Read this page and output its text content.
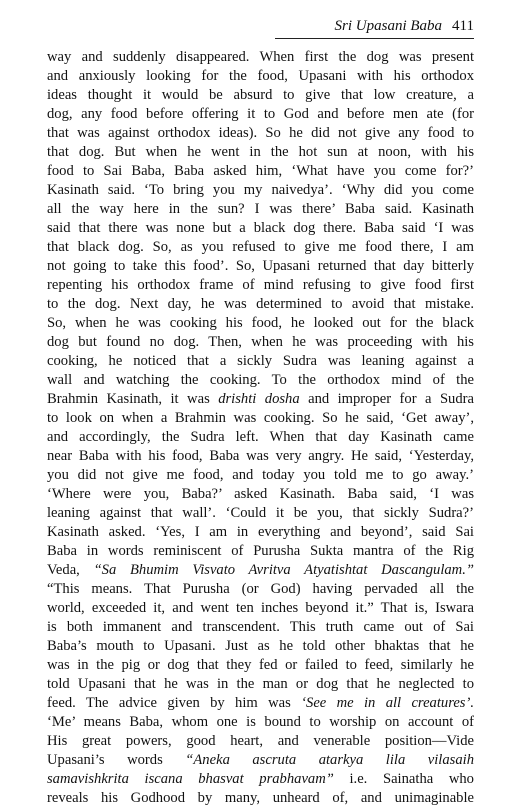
Sri Upasani Baba 411
way and suddenly disappeared. When first the dog was present
and anxiously looking for the food, Upasani with his orthodox
ideas thought it would be absurd to give that low creature, a
dog, any food before offering it to God and before men ate (for
that was against orthodox ideas). So he did not give any food to
that dog. But when he went in the hot sun at noon, with his
food to Sai Baba, Baba asked him, ‘What have you come for?’
Kasinath said. ‘To bring you my naivedya’. ‘Why did you come
all the way here in the sun? I was there’ Baba said. Kasinath
said that there was none but a black dog there. Baba said ‘I was
that black dog. So, as you refused to give me food there, I am
not going to take this food’. So, Upasani returned that day bitterly
repenting his orthodox frame of mind refusing to give food first
to the dog. Next day, he was determined to avoid that mistake.
So, when he was cooking his food, he looked out for the black
dog but found no dog. Then, when he was proceeding with his
cooking, he noticed that a sickly Sudra was leaning against a
wall and watching the cooking. To the orthodox mind of the
Brahmin Kasinath, it was drishti dosha and improper for a Sudra
to look on when a Brahmin was cooking. So he said, ‘Get away’,
and accordingly, the Sudra left. When that day Kasinath came
near Baba with his food, Baba was very angry. He said, ‘Yesterday,
you did not give me food, and today you told me to go away.’
‘Where were you, Baba?’ asked Kasinath. Baba said, ‘I was
leaning against that wall’. ‘Could it be you, that sickly Sudra?’
Kasinath asked. ‘Yes, I am in everything and beyond’, said Sai
Baba in words reminiscent of Purusha Sukta mantra of the Rig
Veda, “Sa Bhumim Visvato Avritva Atyatishtat Dascangulam.”
“This means. That Purusha (or God) having pervaded all the
world, exceeded it, and went ten inches beyond it.” That is, Iswara
is both immanent and transcendent. This truth came out of Sai
Baba’s mouth to Upasani. Just as he told other bhaktas that he
was in the pig or dog that they fed or failed to feed, similarly he
told Upasani that he was in the man or dog that he neglected to
feed. The advice given by him was ‘See me in all creatures’.
‘Me’ means Baba, whom one is bound to worship on account of
His great powers, good heart, and venerable position—Vide
Upasani’s words “Aneka ascruta atarkya lila vilasaih
samavishkrita iscana bhasvat prabhavam” i.e. Sainatha who
reveals his Godhood by many, unheard of, and unimaginable
